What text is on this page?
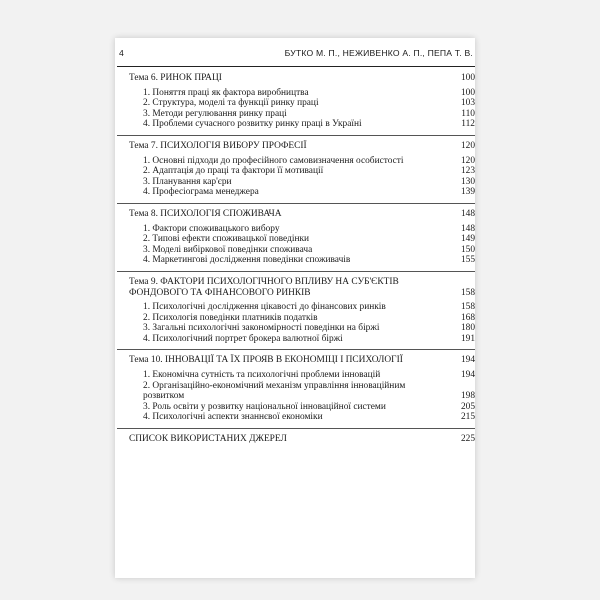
4	БУТКО М. П., НЕЖИВЕНКО А. П., ПЕПА Т. В.
Тема 6. РИНОК ПРАЦІ	100
1. Поняття праці як фактора виробництва	100
2. Структура, моделі та функції ринку праці	103
3. Методи регулювання ринку праці	110
4. Проблеми сучасного розвитку ринку праці в Україні	112
Тема 7. ПСИХОЛОГІЯ ВИБОРУ ПРОФЕСІЇ	120
1. Основні підходи до професійного самовизначення особистості	120
2. Адаптація до праці та фактори її мотивації	123
3. Планування кар'єри	130
4. Професіограма менеджера	139
Тема 8. ПСИХОЛОГІЯ СПОЖИВАЧА	148
1. Фактори споживацького вибору	148
2. Типові ефекти споживацької поведінки	149
3. Моделі вибіркової поведінки споживача	150
4. Маркетингові дослідження поведінки споживачів	155
Тема 9. ФАКТОРИ ПСИХОЛОГІЧНОГО ВПЛИВУ НА СУБ'ЄКТІВ ФОНДОВОГО ТА ФІНАНСОВОГО РИНКІВ	158
1. Психологічні дослідження цікавості до фінансових ринків	158
2. Психологія поведінки платників податків	168
3. Загальні психологічні закономірності поведінки на біржі	180
4. Психологічний портрет брокера валютної біржі	191
Тема 10. ІННОВАЦІЇ ТА ЇХ ПРОЯВ В ЕКОНОМІЦІ І ПСИХОЛОГІЇ	194
1. Економічна сутність та психологічні проблеми інновацій	194
2. Організаційно-економічний механізм управління інноваційним розвитком	198
3. Роль освіти у розвитку національної інноваційної системи	205
4. Психологічні аспекти знаннєвої економіки	215
СПИСОК ВИКОРИСТАНИХ ДЖЕРЕЛ	225
